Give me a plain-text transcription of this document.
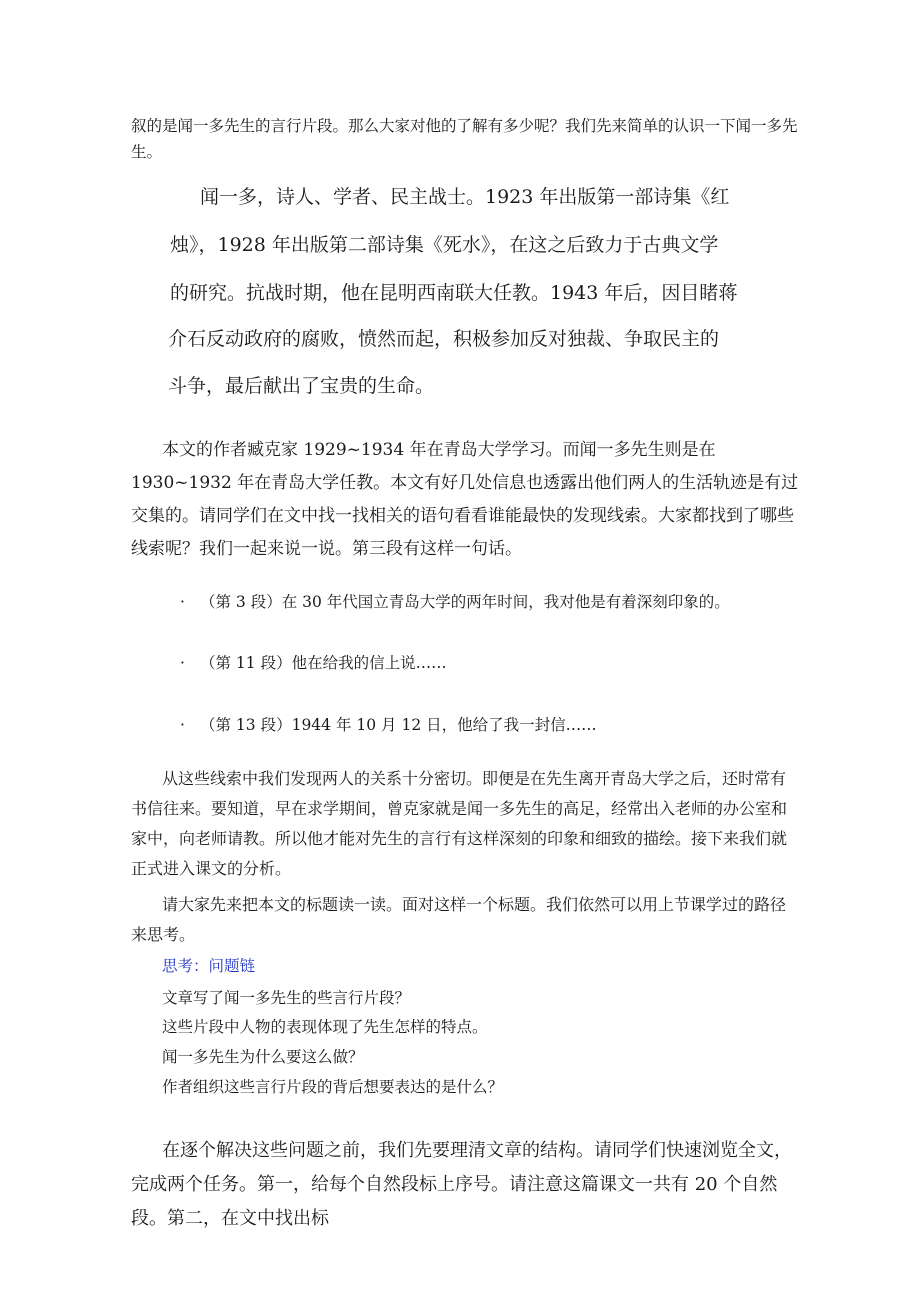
叙的是闻一多先生的言行片段。那么大家对他的了解有多少呢？我们先来简单的认识一下闻一多先
生。

闻一多，诗人、学者、民主战士。1923 年出版第一部诗集《红
烛》，1928 年出版第二部诗集《死水》，在这之后致力于古典文学
的研究。抗战时期，他在昆明西南联大任教。1943 年后，因目睹蒋
介石反动政府的腐败，愤然而起，积极参加反对独裁、争取民主的
斗争，最后献出了宝贵的生命。

本文的作者臧克家 1929~1934 年在青岛大学学习。而闻一多先生则是在 1930~1932 年在青岛大学任教。本文有好几处信息也透露出他们两人的生活轨迹是有过交集的。请同学们在文中找一找相关的语句看看谁能最快的发现线索。大家都找到了哪些线索呢？我们一起来说一说。第三段有这样一句话。

· （第 3 段）在 30 年代国立青岛大学的两年时间，我对他是有着深刻印象的。
· （第 11 段）他在给我的信上说……
· （第 13 段）1944 年 10 月 12 日，他给了我一封信……

从这些线索中我们发现两人的关系十分密切。即便是在先生离开青岛大学之后，还时常有书信往来。要知道，早在求学期间，曾克家就是闻一多先生的高足，经常出入老师的办公室和家中，向老师请教。所以他才能对先生的言行有这样深刻的印象和细致的描绘。接下来我们就正式进入课文的分析。

请大家先来把本文的标题读一读。面对这样一个标题。我们依然可以用上节课学过的路径来思考。

思考：问题链
文章写了闻一多先生的些言行片段？
这些片段中人物的表现体现了先生怎样的特点。
闻一多先生为什么要这么做？
作者组织这些言行片段的背后想要表达的是什么？

在逐个解决这些问题之前，我们先要理清文章的结构。请同学们快速浏览全文，完成两个任务。第一，给每个自然段标上序号。请注意这篇课文一共有 20 个自然段。第二，在文中找出标
